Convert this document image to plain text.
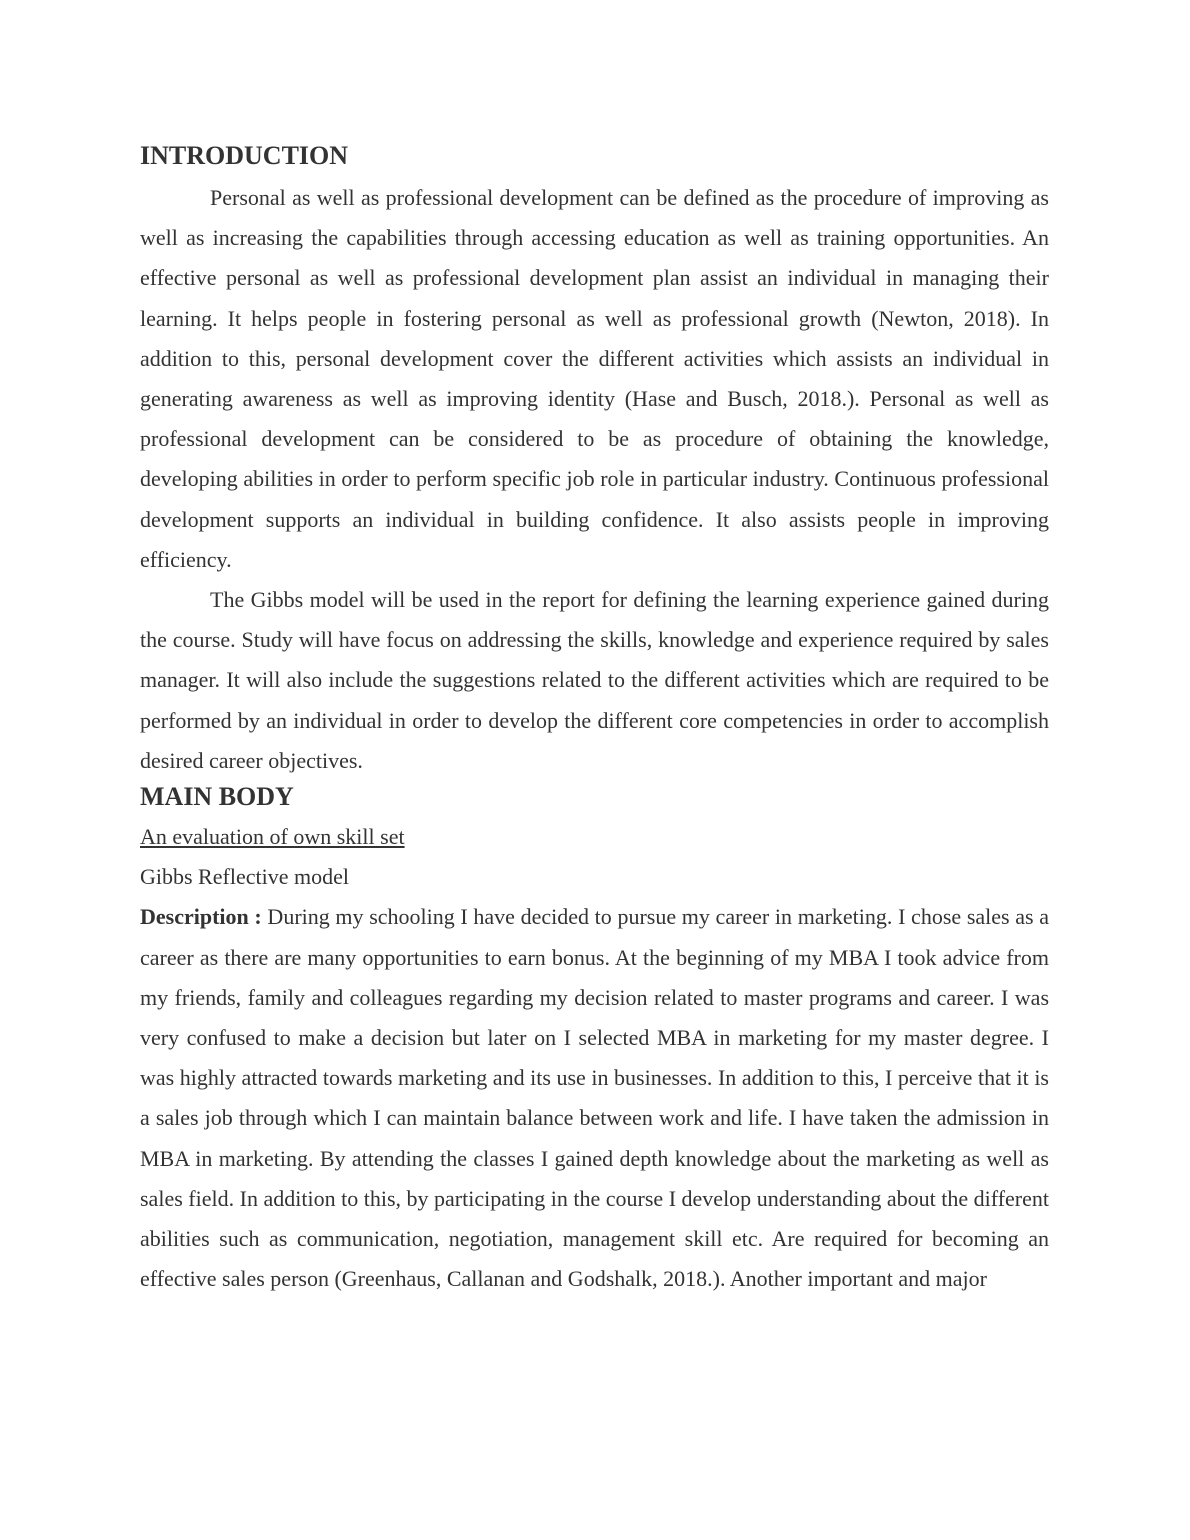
INTRODUCTION

Personal as well as professional development can be defined as the procedure of improving as well as increasing the capabilities through accessing education as well as training opportunities. An effective personal as well as professional development plan assist an individual in managing their learning. It helps people in fostering personal as well as professional growth (Newton, 2018). In addition to this, personal development cover the different activities which assists an individual in generating awareness as well as improving identity (Hase and Busch, 2018.). Personal as well as professional development can be considered to be as procedure of obtaining the knowledge, developing abilities in order to perform specific job role in particular industry. Continuous professional development supports an individual in building confidence. It also assists people in improving efficiency.

The Gibbs model will be used in the report for defining the learning experience gained during the course. Study will have focus on addressing the skills, knowledge and experience required by sales manager. It will also include the suggestions related to the different activities which are required to be performed by an individual in order to develop the different core competencies in order to accomplish desired career objectives.

MAIN BODY

An evaluation of own skill set

Gibbs Reflective model

Description : During my schooling I have decided to pursue my career in marketing. I chose sales as a career as there are many opportunities to earn bonus. At the beginning of my MBA I took advice from my friends, family and colleagues regarding my decision related to master programs and career. I was very confused to make a decision but later on I selected MBA in marketing for my master degree. I was highly attracted towards marketing and its use in businesses. In addition to this, I perceive that it is a sales job through which I can maintain balance between work and life. I have taken the admission in MBA in marketing. By attending the classes I gained depth knowledge about the marketing as well as sales field. In addition to this, by participating in the course I develop understanding about the different abilities such as communication, negotiation, management skill etc. Are required for becoming an effective sales person (Greenhaus, Callanan and Godshalk, 2018.). Another important and major
